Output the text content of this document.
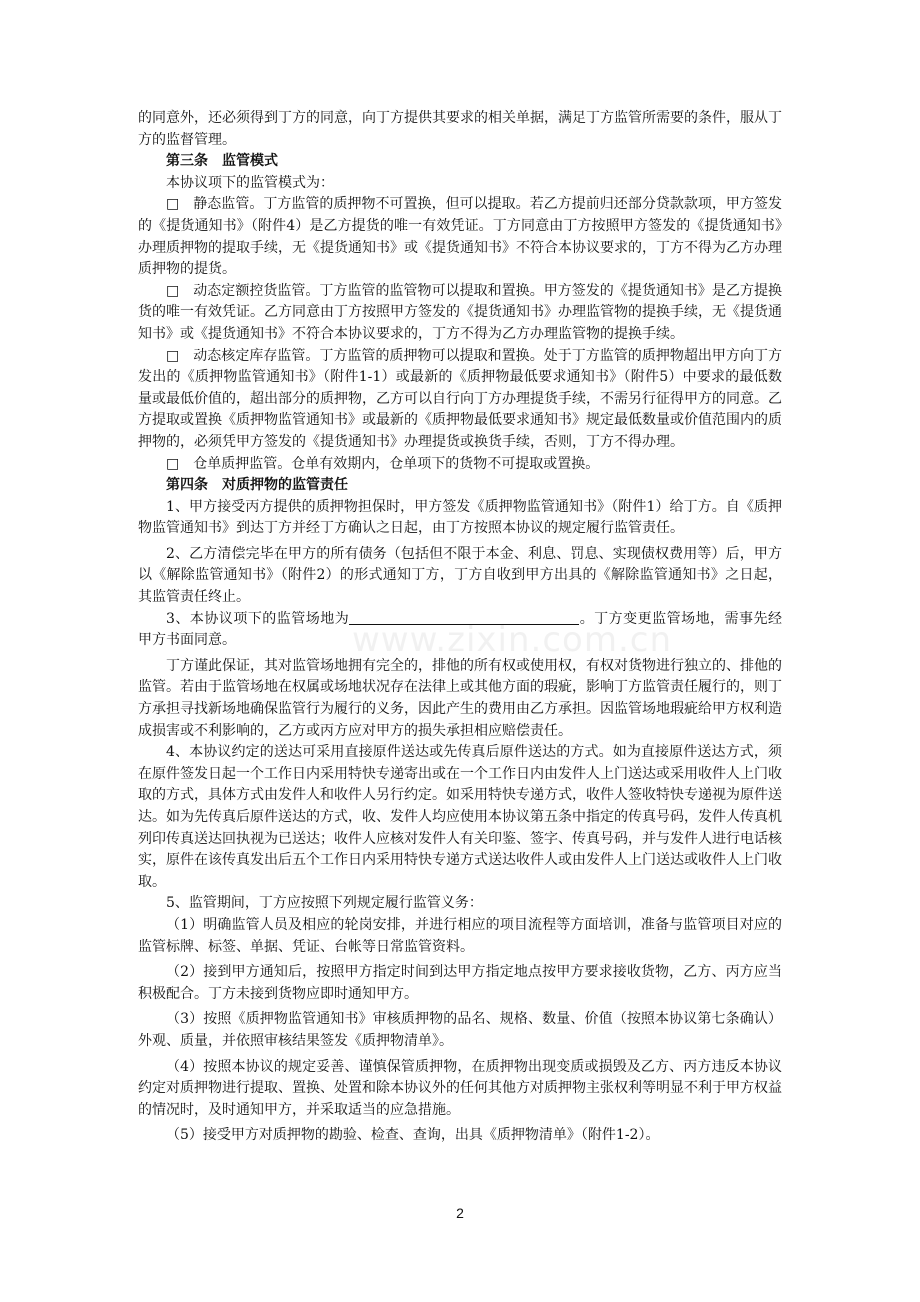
的同意外，还必须得到丁方的同意，向丁方提供其要求的相关单据，满足丁方监管所需要的条件，服从丁方的监督管理。

第三条　监管模式

本协议项下的监管模式为：

□　静态监管。丁方监管的质押物不可置换，但可以提取。若乙方提前归还部分贷款款项，甲方签发的《提货通知书》（附件4）是乙方提货的唯一有效凭证。丁方同意由丁方按照甲方签发的《提货通知书》办理质押物的提取手续，无《提货通知书》或《提货通知书》不符合本协议要求的，丁方不得为乙方办理质押物的提货。

□　动态定额控货监管。丁方监管的监管物可以提取和置换。甲方签发的《提货通知书》是乙方提换货的唯一有效凭证。乙方同意由丁方按照甲方签发的《提货通知书》办理监管物的提换手续，无《提货通知书》或《提货通知书》不符合本协议要求的，丁方不得为乙方办理监管物的提换手续。

□　动态核定库存监管。丁方监管的质押物可以提取和置换。处于丁方监管的质押物超出甲方向丁方发出的《质押物监管通知书》（附件1-1）或最新的《质押物最低要求通知书》（附件5）中要求的最低数量或最低价值的，超出部分的质押物，乙方可以自行向丁方办理提货手续，不需另行征得甲方的同意。乙方提取或置换《质押物监管通知书》或最新的《质押物最低要求通知书》规定最低数量或价值范围内的质押物的，必须凭甲方签发的《提货通知书》办理提货或换货手续，否则，丁方不得办理。

□　仓单质押监管。仓单有效期内，仓单项下的货物不可提取或置换。

第四条　对质押物的监管责任

1、甲方接受丙方提供的质押物担保时，甲方签发《质押物监管通知书》（附件1）给丁方。自《质押物监管通知书》到达丁方并经丁方确认之日起，由丁方按照本协议的规定履行监管责任。

2、乙方清偿完毕在甲方的所有债务（包括但不限于本金、利息、罚息、实现债权费用等）后，甲方以《解除监管通知书》（附件2）的形式通知丁方，丁方自收到甲方出具的《解除监管通知书》之日起，其监管责任终止。

3、本协议项下的监管场地为	。丁方变更监管场地，需事先经甲方书面同意。

丁方谨此保证，其对监管场地拥有完全的，排他的所有权或使用权，有权对货物进行独立的、排他的监管。若由于监管场地在权属或场地状况存在法律上或其他方面的瑕疵，影响丁方监管责任履行的，则丁方承担寻找新场地确保监管行为履行的义务，因此产生的费用由乙方承担。因监管场地瑕疵给甲方权利造成损害或不利影响的，乙方或丙方应对甲方的损失承担相应赔偿责任。

4、本协议约定的送达可采用直接原件送达或先传真后原件送达的方式。如为直接原件送达方式，须在原件签发日起一个工作日内采用特快专递寄出或在一个工作日内由发件人上门送达或采用收件人上门收取的方式，具体方式由发件人和收件人另行约定。如采用特快专递方式，收件人签收特快专递视为原件送达。如为先传真后原件送达的方式，收、发件人均应使用本协议第五条中指定的传真号码，发件人传真机列印传真送达回执视为已送达；收件人应核对发件人有关印鉴、签字、传真号码，并与发件人进行电话核实，原件在该传真发出后五个工作日内采用特快专递方式送达收件人或由发件人上门送达或收件人上门收取。

5、监管期间，丁方应按照下列规定履行监管义务：

（1）明确监管人员及相应的轮岗安排，并进行相应的项目流程等方面培训，准备与监管项目对应的监管标牌、标签、单据、凭证、台帐等日常监管资料。

（2）接到甲方通知后，按照甲方指定时间到达甲方指定地点按甲方要求接收货物，乙方、丙方应当积极配合。丁方未接到货物应即时通知甲方。

（3）按照《质押物监管通知书》审核质押物的品名、规格、数量、价值（按照本协议第七条确认）外观、质量，并依照审核结果签发《质押物清单》。

（4）按照本协议的规定妥善、谨慎保管质押物，在质押物出现变质或损毁及乙方、丙方违反本协议约定对质押物进行提取、置换、处置和除本协议外的任何其他方对质押物主张权利等明显不利于甲方权益的情况时，及时通知甲方，并采取适当的应急措施。

（5）接受甲方对质押物的勘验、检查、查询，出具《质押物清单》（附件1-2）。

www.zixin.com.cn
2
